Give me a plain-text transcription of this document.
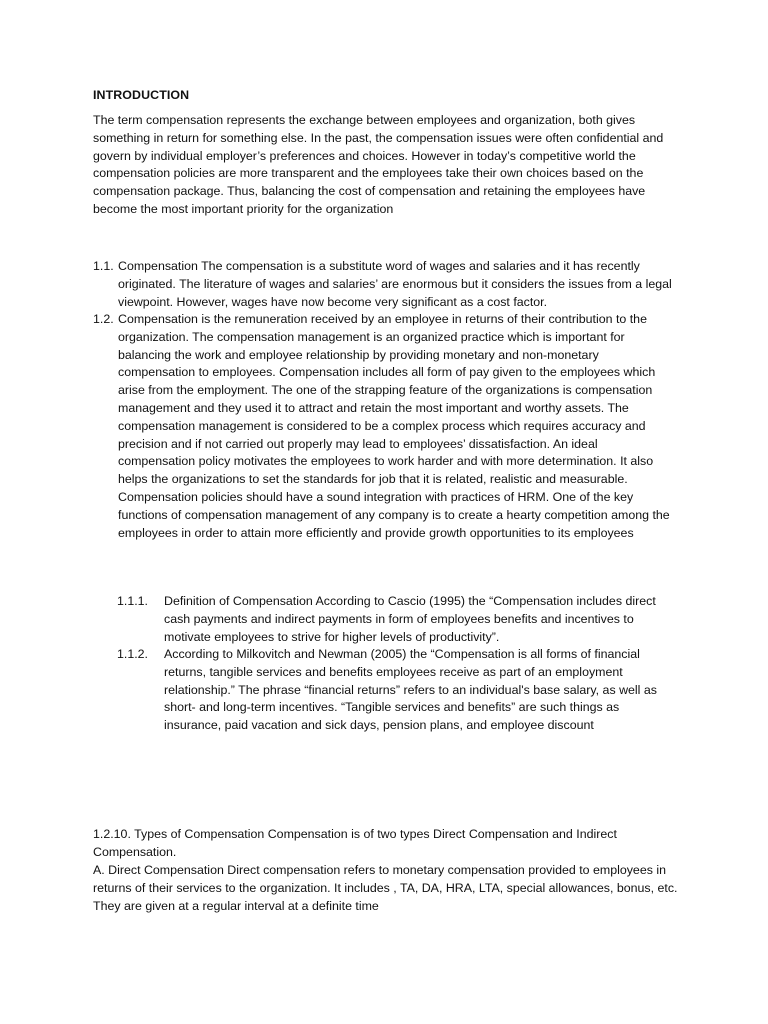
INTRODUCTION

The term compensation represents the exchange between employees and organization, both gives something in return for something else. In the past, the compensation issues were often confidential and govern by individual employer’s preferences and choices. However in today’s competitive world the compensation policies are more transparent and the employees take their own choices based on the compensation package. Thus, balancing the cost of compensation and retaining the employees have become the most important priority for the organization

1.1. Compensation The compensation is a substitute word of wages and salaries and it has recently originated. The literature of wages and salaries’ are enormous but it considers the issues from a legal viewpoint. However, wages have now become very significant as a cost factor.
1.2. Compensation is the remuneration received by an employee in returns of their contribution to the organization. The compensation management is an organized practice which is important for balancing the work and employee relationship by providing monetary and non-monetary compensation to employees. Compensation includes all form of pay given to the employees which arise from the employment. The one of the strapping feature of the organizations is compensation management and they used it to attract and retain the most important and worthy assets. The compensation management is considered to be a complex process which requires accuracy and precision and if not carried out properly may lead to employees’ dissatisfaction. An ideal compensation policy motivates the employees to work harder and with more determination. It also helps the organizations to set the standards for job that it is related, realistic and measurable. Compensation policies should have a sound integration with practices of HRM. One of the key functions of compensation management of any company is to create a hearty competition among the employees in order to attain more efficiently and provide growth opportunities to its employees
1.1.1. Definition of Compensation According to Cascio (1995) the “Compensation includes direct cash payments and indirect payments in form of employees benefits and incentives to motivate employees to strive for higher levels of productivity”.
1.1.2. According to Milkovitch and Newman (2005) the “Compensation is all forms of financial returns, tangible services and benefits employees receive as part of an employment relationship.” The phrase “financial returns” refers to an individual's base salary, as well as short- and long-term incentives. “Tangible services and benefits” are such things as insurance, paid vacation and sick days, pension plans, and employee discount

1.2.10. Types of Compensation Compensation is of two types Direct Compensation and Indirect Compensation.

A. Direct Compensation Direct compensation refers to monetary compensation provided to employees in returns of their services to the organization. It includes , TA, DA, HRA, LTA, special allowances, bonus, etc. They are given at a regular interval at a definite time
